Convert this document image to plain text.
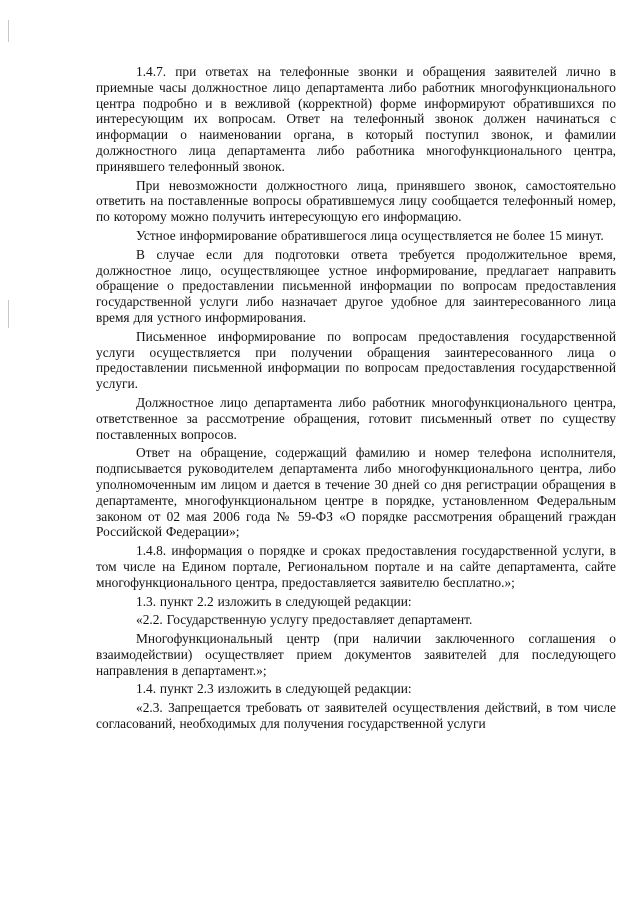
1.4.7. при ответах на телефонные звонки и обращения заявителей лично в приемные часы должностное лицо департамента либо работник многофункционального центра подробно и в вежливой (корректной) форме информируют обратившихся по интересующим их вопросам. Ответ на телефонный звонок должен начинаться с информации о наименовании органа, в который поступил звонок, и фамилии должностного лица департамента либо работника многофункционального центра, принявшего телефонный звонок.

При невозможности должностного лица, принявшего звонок, самостоятельно ответить на поставленные вопросы обратившемуся лицу сообщается телефонный номер, по которому можно получить интересующую его информацию.

Устное информирование обратившегося лица осуществляется не более 15 минут.

В случае если для подготовки ответа требуется продолжительное время, должностное лицо, осуществляющее устное информирование, предлагает направить обращение о предоставлении письменной информации по вопросам предоставления государственной услуги либо назначает другое удобное для заинтересованного лица время для устного информирования.

Письменное информирование по вопросам предоставления государственной услуги осуществляется при получении обращения заинтересованного лица о предоставлении письменной информации по вопросам предоставления государственной услуги.

Должностное лицо департамента либо работник многофункционального центра, ответственное за рассмотрение обращения, готовит письменный ответ по существу поставленных вопросов.

Ответ на обращение, содержащий фамилию и номер телефона исполнителя, подписывается руководителем департамента либо многофункционального центра, либо уполномоченным им лицом и дается в течение 30 дней со дня регистрации обращения в департаменте, многофункциональном центре в порядке, установленном Федеральным законом от 02 мая 2006 года № 59-ФЗ «О порядке рассмотрения обращений граждан Российской Федерации»;

1.4.8. информация о порядке и сроках предоставления государственной услуги, в том числе на Едином портале, Региональном портале и на сайте департамента, сайте многофункционального центра, предоставляется заявителю бесплатно.»;

1.3. пункт 2.2 изложить в следующей редакции:

«2.2. Государственную услугу предоставляет департамент.

Многофункциональный центр (при наличии заключенного соглашения о взаимодействии) осуществляет прием документов заявителей для последующего направления в департамент.»;

1.4. пункт 2.3 изложить в следующей редакции:

«2.3. Запрещается требовать от заявителей осуществления действий, в том числе согласований, необходимых для получения государственной услуги
